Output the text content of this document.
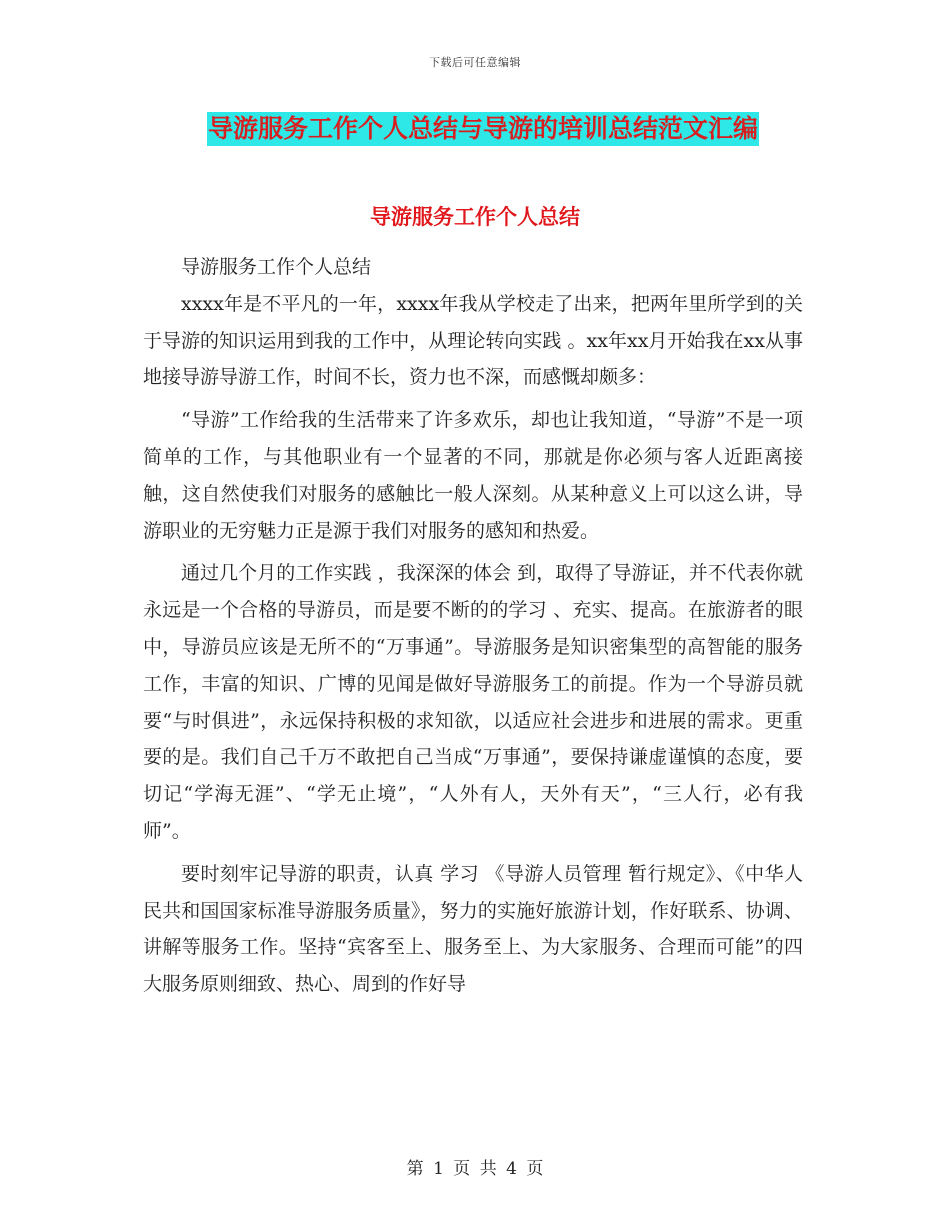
下载后可任意编辑
导游服务工作个人总结与导游的培训总结范文汇编
导游服务工作个人总结

导游服务工作个人总结

xxxx年是不平凡的一年，xxxx年我从学校走了出来，把两年里所学到的关于导游的知识运用到我的工作中，从理论转向实践 。xx年xx月开始我在xx从事地接导游导游工作，时间不长，资力也不深，而感慨却颇多：

“导游”工作给我的生活带来了许多欢乐，却也让我知道，“导游”不是一项简单的工作，与其他职业有一个显著的不同，那就是你必须与客人近距离接触，这自然使我们对服务的感触比一般人深刻。从某种意义上可以这么讲，导游职业的无穷魅力正是源于我们对服务的感知和热爱。

通过几个月的工作实践 ，我深深的体会 到，取得了导游证，并不代表你就永远是一个合格的导游员，而是要不断的的学习 、充实、提高。在旅游者的眼中，导游员应该是无所不的“万事通”。导游服务是知识密集型的高智能的服务工作，丰富的知识、广博的见闻是做好导游服务工的前提。作为一个导游员就要“与时俱进”，永远保持积极的求知欲，以适应社会进步和进展的需求。更重要的是。我们自己千万不敢把自己当成“万事通”，要保持谦虚谨慎的态度，要切记“学海无涯”、“学无止境”，“人外有人，天外有天”，“三人行，必有我师”。

要时刻牢记导游的职责，认真 学习 《导游人员管理 暂行规定》、《中华人民共和国国家标准导游服务质量》，努力的实施好旅游计划，作好联系、协调、讲解等服务工作。坚持“宾客至上、服务至上、为大家服务、合理而可能”的四大服务原则细致、热心、周到的作好导

第 1 页 共 4 页
